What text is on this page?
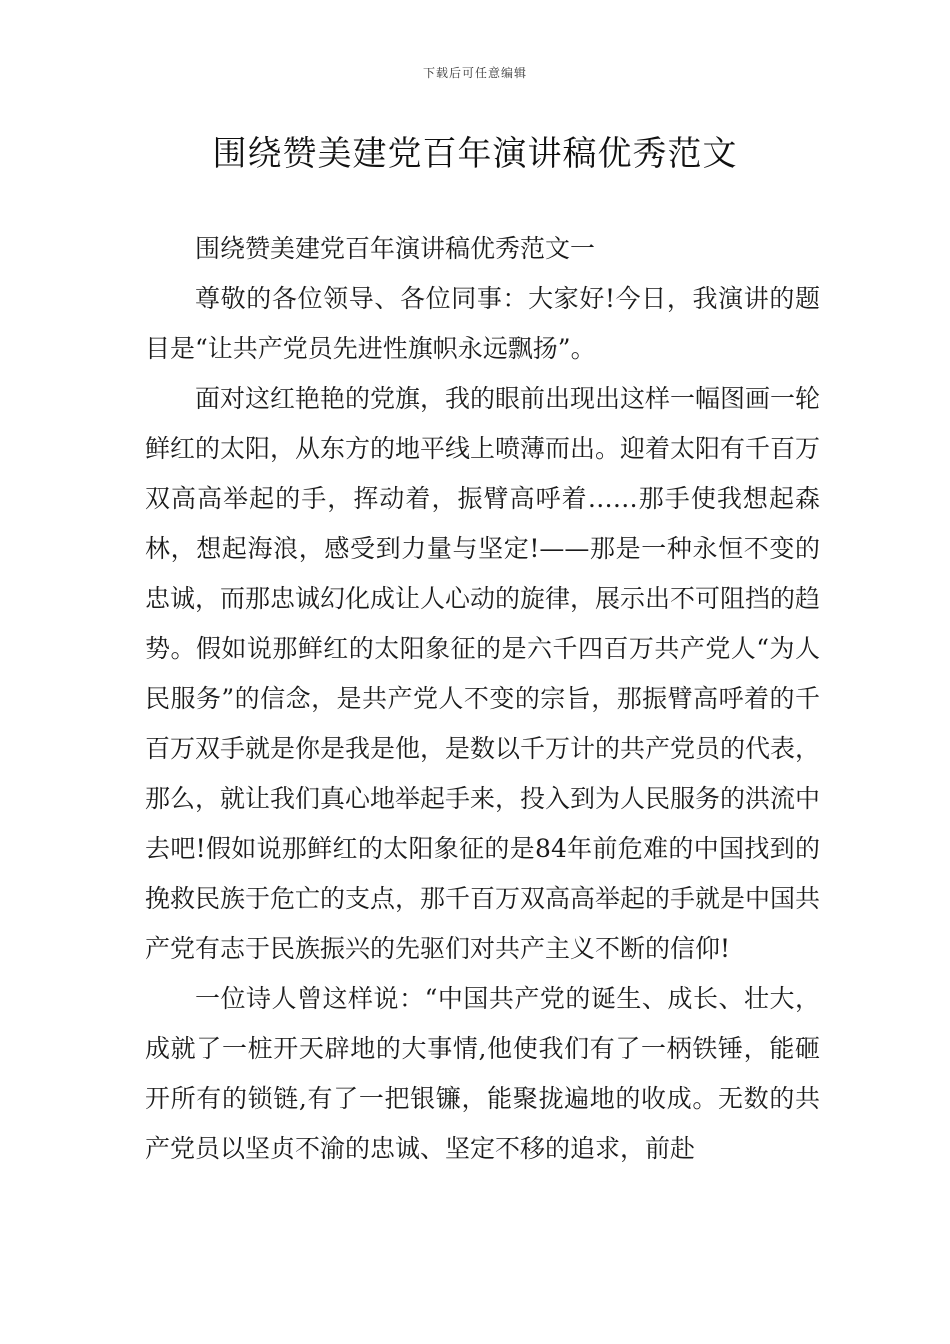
下载后可任意编辑
围绕赞美建党百年演讲稿优秀范文

围绕赞美建党百年演讲稿优秀范文一

尊敬的各位领导、各位同事：大家好!今日，我演讲的题目是“让共产党员先进性旗帜永远飘扬”。

面对这红艳艳的党旗，我的眼前出现出这样一幅图画一轮鲜红的太阳，从东方的地平线上喷薄而出。迎着太阳有千百万双高高举起的手，挥动着，振臂高呼着……那手使我想起森林，想起海浪，感受到力量与坚定!——那是一种永恒不变的忠诚，而那忠诚幻化成让人心动的旋律，展示出不可阻挡的趋势。假如说那鲜红的太阳象征的是六千四百万共产党人“为人民服务”的信念，是共产党人不变的宗旨，那振臂高呼着的千百万双手就是你是我是他，是数以千万计的共产党员的代表，那么，就让我们真心地举起手来，投入到为人民服务的洪流中去吧!假如说那鲜红的太阳象征的是84年前危难的中国找到的挽救民族于危亡的支点，那千百万双高高举起的手就是中国共产党有志于民族振兴的先驱们对共产主义不断的信仰!

一位诗人曾这样说：“中国共产党的诞生、成长、壮大，成就了一桩开天辟地的大事情,他使我们有了一柄铁锤，能砸开所有的锁链,有了一把银镰，能聚拢遍地的收成。无数的共产党员以坚贞不渝的忠诚、坚定不移的追求，前赴
